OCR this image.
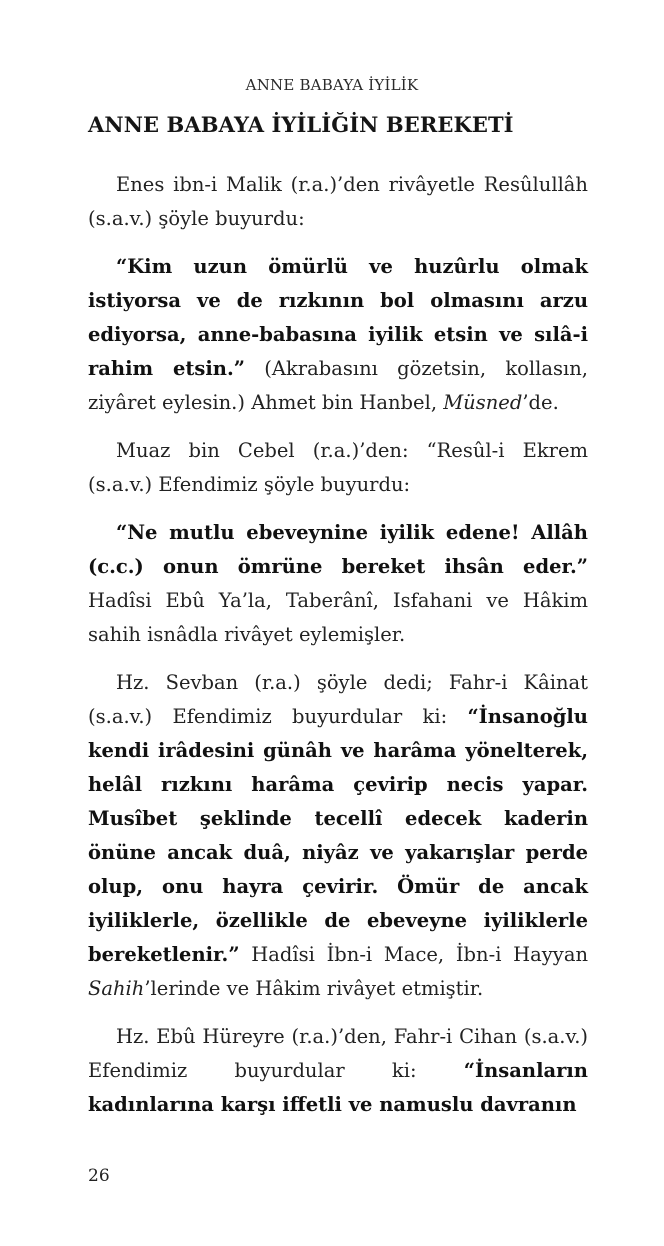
ANNE BABAYA İYİLİK
ANNE BABAYA İYİLİĞİN BEREKETİ

Enes ibn-i Malik (r.a.)’den rivâyetle Resûlullâh (s.a.v.) şöyle buyurdu:

“Kim uzun ömürlü ve huzûrlu olmak istiyorsa ve de rızkının bol olmasını arzu ediyorsa, anne-babasına iyilik etsin ve sılâ-i rahim etsin.” (Akrabasını gözetsin, kollasın, ziyâret eylesin.) Ahmet bin Hanbel, Müsned’de.

Muaz bin Cebel (r.a.)’den: “Resûl-i Ekrem (s.a.v.) Efendimiz şöyle buyurdu:

“Ne mutlu ebeveynine iyilik edene! Allâh (c.c.) onun ömrüne bereket ihsân eder.” Hadîsi Ebû Ya’la, Taberânî, Isfahani ve Hâkim sahih isnâdla rivâyet eylemişler.

Hz. Sevban (r.a.) şöyle dedi; Fahr-i Kâinat (s.a.v.) Efendimiz buyurdular ki: “İnsanoğlu kendi irâdesini günâh ve harâma yönelterek, helâl rızkını harâma çevirip necis yapar. Musîbet şeklinde tecellî edecek kaderin önüne ancak duâ, niyâz ve yakarışlar perde olup, onu hayra çevirir. Ömür de ancak iyiliklerle, özellikle de ebeveyne iyiliklerle bereketlenir.” Hadîsi İbn-i Mace, İbn-i Hayyan Sahih’lerinde ve Hâkim rivâyet etmiştir.

Hz. Ebû Hüreyre (r.a.)’den, Fahr-i Cihan (s.a.v.) Efendimiz buyurdular ki: “İnsanların kadınlarına karşı iffetli ve namuslu davranın

26
